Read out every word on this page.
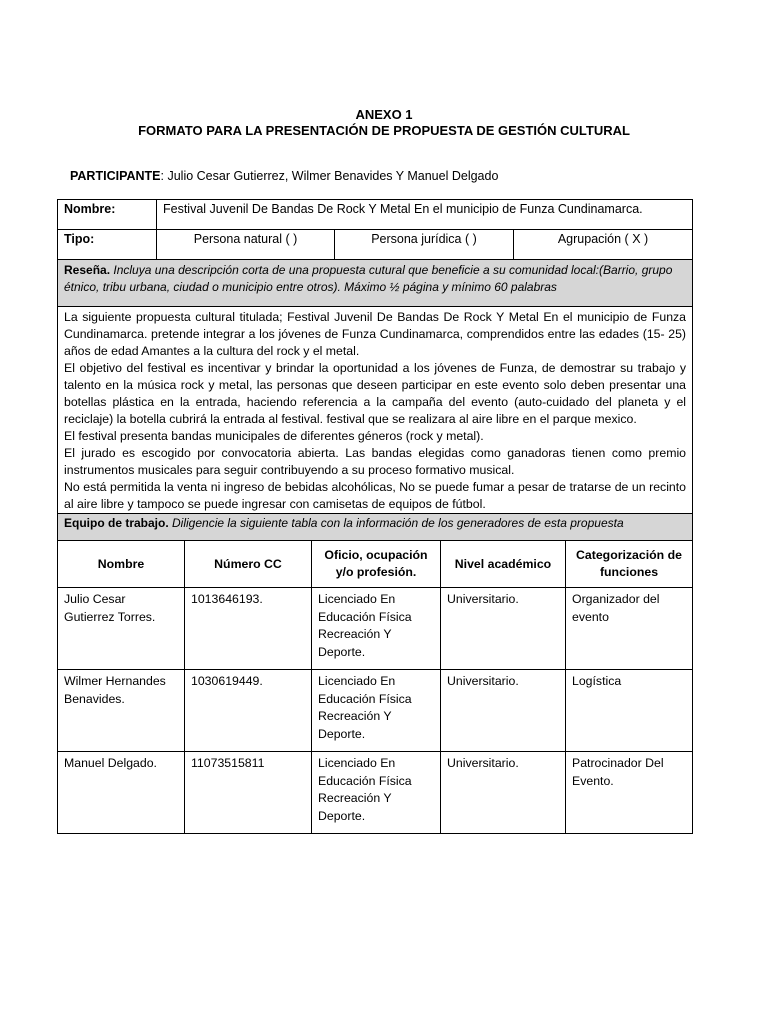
ANEXO 1
FORMATO PARA LA PRESENTACIÓN DE PROPUESTA DE GESTIÓN CULTURAL
PARTICIPANTE: Julio Cesar Gutierrez, Wilmer Benavides Y Manuel Delgado
Nombre:	Festival Juvenil De Bandas De Rock Y Metal En el municipio de Funza Cundinamarca.		
Tipo:	Persona natural ( )	Persona jurídica ( )	Agrupación ( X )
Reseña. Incluya una descripción corta de una propuesta cutural que beneficie a su comunidad local:(Barrio, grupo étnico, tribu urbana, ciudad o municipio entre otros). Máximo ½ página y mínimo 60 palabras			

La siguiente propuesta cultural titulada; Festival Juvenil De Bandas De Rock Y Metal En el municipio de Funza Cundinamarca. pretende integrar a los jóvenes de Funza Cundinamarca, comprendidos entre las edades (15- 25) años de edad Amantes a la cultura del rock y el metal.

El objetivo del festival es incentivar y brindar la oportunidad a los jóvenes de Funza, de demostrar su trabajo y talento en la música rock y metal, las personas que deseen participar en este evento solo deben presentar una botellas plástica en la entrada, haciendo referencia a la campaña del evento (auto-cuidado del planeta y el reciclaje) la botella cubrirá la entrada al festival. festival que se realizara al aire libre en el parque mexico.

El festival presenta bandas municipales de diferentes géneros (rock y metal).

El jurado es escogido por convocatoria abierta. Las bandas elegidas como ganadoras tienen como premio instrumentos musicales para seguir contribuyendo a su proceso formativo musical.

No está permitida la venta ni ingreso de bebidas alcohólicas, No se puede fumar a pesar de tratarse de un recinto al aire libre y tampoco se puede ingresar con camisetas de equipos de fútbol.			

Equipo de trabajo. Diligencie la siguiente tabla con la información de los generadores de esta propuesta			
Nombre	Número CC	Oficio, ocupación y/o profesión.	Nivel académico	Categorización de funciones
Julio Cesar Gutierrez Torres.	1013646193.	Licenciado En Educación Física Recreación Y Deporte.	Universitario.	Organizador del evento
Wilmer Hernandes Benavides.	1030619449.	Licenciado En Educación Física Recreación Y Deporte.	Universitario.	Logística
Manuel Delgado.	11073515811	Licenciado En Educación Física Recreación Y Deporte.	Universitario.	Patrocinador Del Evento.
